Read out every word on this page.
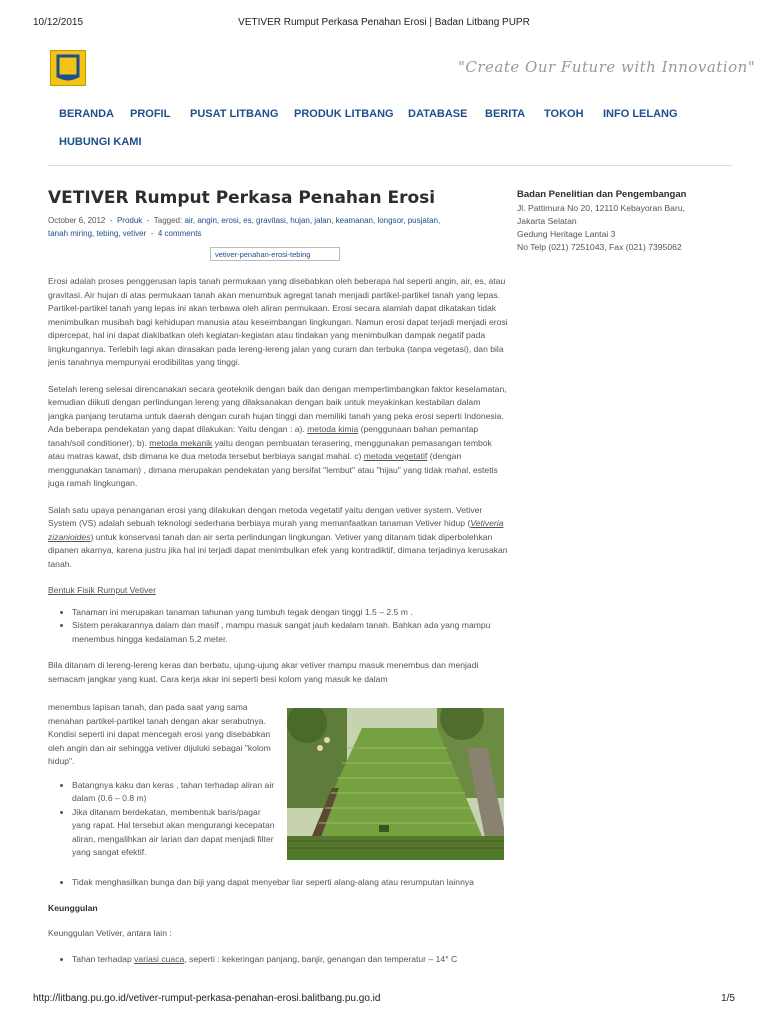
10/12/2015	VETIVER Rumput Perkasa Penahan Erosi | Badan Litbang PUPR
"Create Our Future with Innovation"
BERANDA PROFIL PUSAT LITBANG PRODUK LITBANG DATABASE BERITA TOKOH INFO LELANG
HUBUNGI KAMI
VETIVER Rumput Perkasa Penahan Erosi
October 6, 2012 - Produk - Tagged: air, angin, erosi, es, gravitasi, hujan, jalan, keamanan, longsor, pusjatan,
tanah miring, tebing, vetiver - 4 comments
vetiver-penahan-erosi-tebing

Erosi adalah proses penggerusan lapis tanah permukaan yang disebabkan oleh beberapa hal seperti angin, air, es, atau gravitasi. Air hujan di atas permukaan tanah akan menumbuk agregat tanah menjadi partikel-partikel tanah yang lepas. Partikel-partikel tanah yang lepas ini akan terbawa oleh aliran permukaan. Erosi secara alamiah dapat dikatakan tidak menimbulkan musibah bagi kehidupan manusia atau keseimbangan lingkungan. Namun erosi dapat terjadi menjadi erosi dipercepat, hal ini dapat diakibatkan oleh kegiatan-kegiatan atau tindakan yang menimbulkan dampak negatif pada lingkungannya. Terlebih lagi akan dirasakan pada lereng-lereng jalan yang curam dan terbuka (tanpa vegetasi), dan bila jenis tanahnya mempunyai erodibilitas yang tinggi.

Setelah lereng selesai direncanakan secara geoteknik dengan baik dan dengan mempertimbangkan faktor keselamatan, kemudian diikuti dengan perlindungan lereng yang dilaksanakan dengan baik untuk meyakinkan kestabilan dalam jangka panjang terutama untuk daerah dengan curah hujan tinggi dan memiliki tanah yang peka erosi seperti Indonesia. Ada beberapa pendekatan yang dapat dilakukan: Yaitu dengan : a). metoda kimia (penggunaan bahan pemantap tanah/soil conditioner), b). metoda mekanik yaitu dengan pembuatan terasering, menggunakan pemasangan tembok atau matras kawat, dsb dimana ke dua metoda tersebut berbiaya sangat mahal. c) metoda vegetatif (dengan menggunakan tanaman) , dimana merupakan pendekatan yang bersifat "lembut" atau "hijau" yang tidak mahal, estetis juga ramah lingkungan.

Salah satu upaya penanganan erosi yang dilakukan dengan metoda vegetatif yaitu dengan vetiver system. Vetiver System (VS) adalah sebuah teknologi sederhana berbiaya murah yang memanfaatkan tanaman Vetiver hidup (Vetiveria zizanioides) untuk konservasi tanah dan air serta perlindungan lingkungan. Vetiver yang ditanam tidak diperbolehkan dipanen akarnya, karena justru jika hal ini terjadi dapat menimbulkan efek yang kontradiktif, dimana terjadinya kerusakan tanah.

Bentuk Fisik Rumput Vetiver

• Tanaman ini merupakan tanaman tahunan yang tumbuh tegak dengan tinggi 1.5 – 2.5 m .
• Sistem perakarannya dalam dan masif , mampu masuk sangat jauh kedalam tanah. Bahkan ada yang mampu menembus hingga kedalaman 5.2 meter.

Bila ditanam di lereng-lereng keras dan berbatu, ujung-ujung akar vetiver mampu masuk menembus dan menjadi semacam jangkar yang kuat. Cara kerja akar ini seperti besi kolom yang masuk ke dalam

menembus lapisan tanah, dan pada saat yang sama menahan partikel-partikel tanah dengan akar serabutnya. Kondisi seperti ini dapat mencegah erosi yang disebabkan oleh angin dan air sehingga vetiver dijuluki sebagai "kolom hidup".

• Batangnya kaku dan keras , tahan terhadap aliran air dalam (0.6 – 0.8 m)
• Jika ditanam berdekatan, membentuk baris/pagar yang rapat. Hal tersebut akan mengurangi kecepatan aliran, mengalihkan air larian dan dapat menjadi filter yang sangat efektif.
• Tidak menghasilkan bunga dan biji yang dapat menyebar liar seperti alang-alang atau rerumputan lainnya

Keunggulan

Keunggulan Vetiver, antara lain :

• Tahan terhadap variasi cuaca, seperti : kekeringan panjang, banjir, genangan dan temperatur – 14° C
Badan Penelitian dan Pengembangan
Jl. Pattimura No 20, 12110 Kebayoran Baru,
Jakarta Selatan
Gedung Heritage Lantai 3
No Telp (021) 7251043, Fax (021) 7395062
http://litbang.pu.go.id/vetiver-rumput-perkasa-penahan-erosi.balitbang.pu.go.id	1/5
